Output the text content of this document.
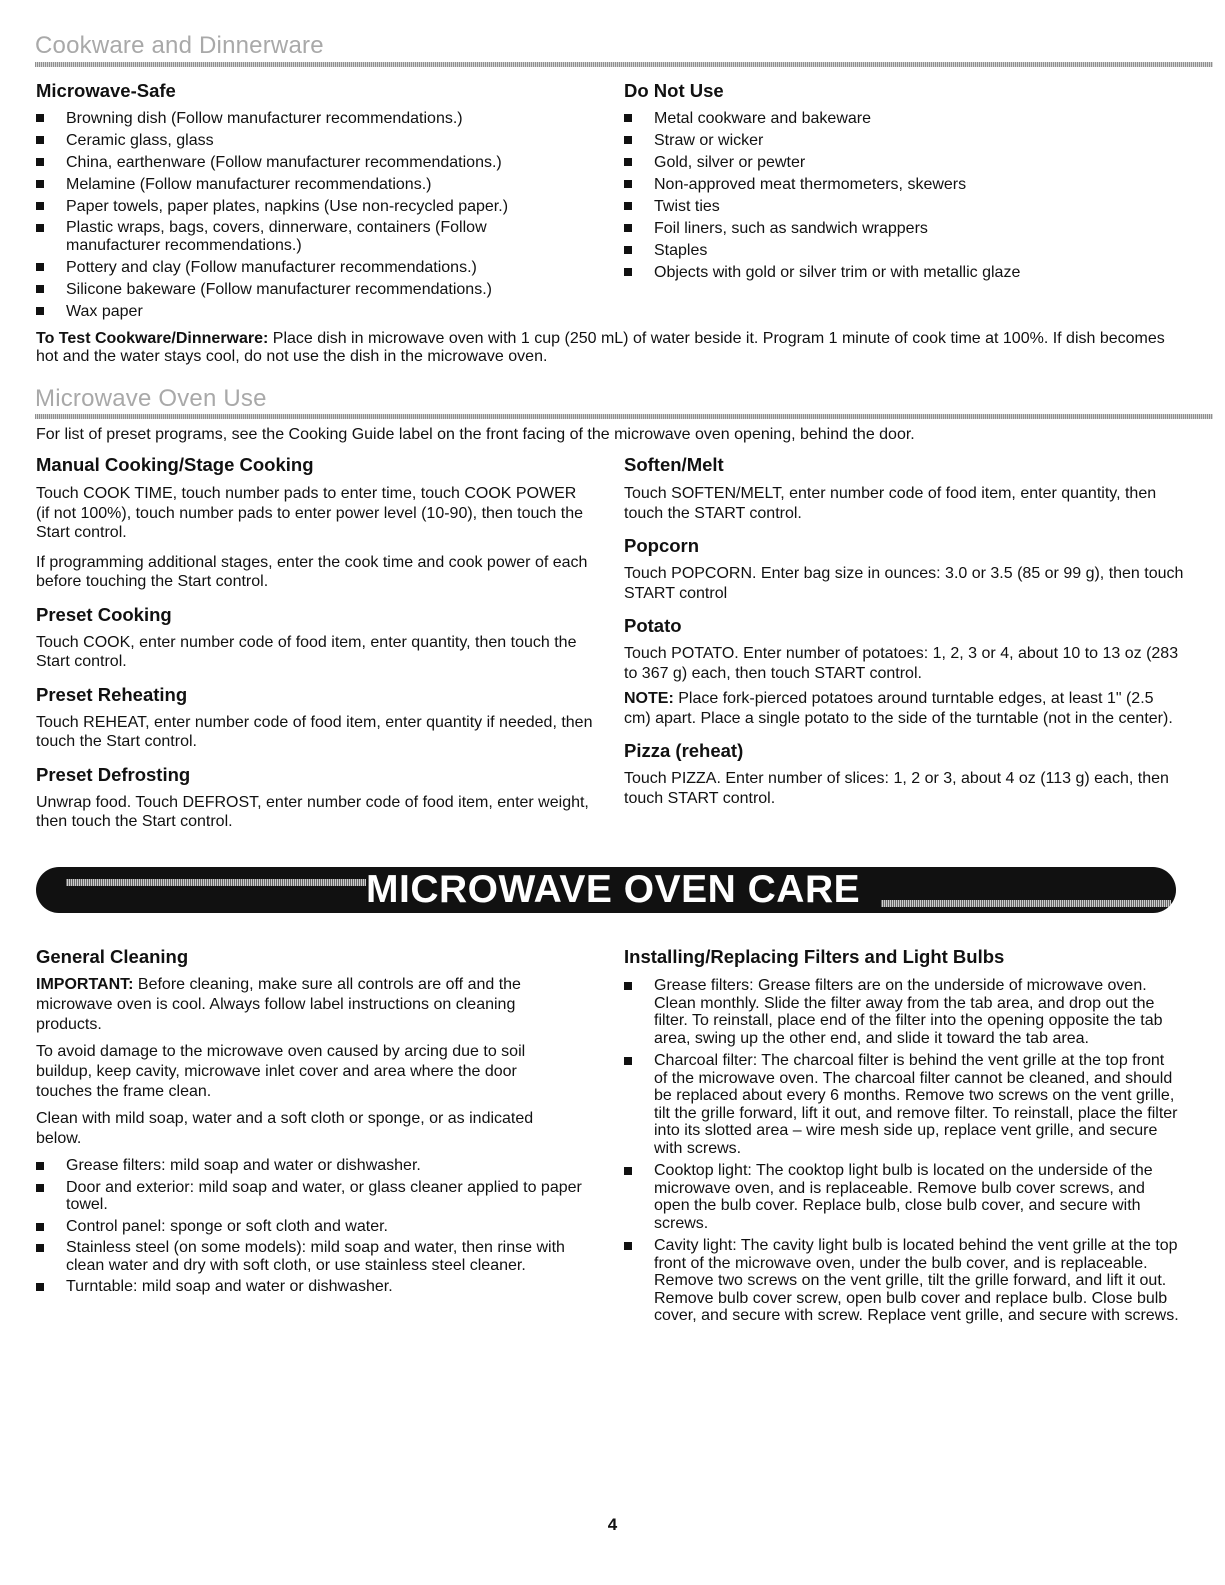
Cookware and Dinnerware
Microwave-Safe
Browning dish (Follow manufacturer recommendations.)
Ceramic glass, glass
China, earthenware (Follow manufacturer recommendations.)
Melamine (Follow manufacturer recommendations.)
Paper towels, paper plates, napkins (Use non-recycled paper.)
Plastic wraps, bags, covers, dinnerware, containers (Follow manufacturer recommendations.)
Pottery and clay (Follow manufacturer recommendations.)
Silicone bakeware (Follow manufacturer recommendations.)
Wax paper
Do Not Use
Metal cookware and bakeware
Straw or wicker
Gold, silver or pewter
Non-approved meat thermometers, skewers
Twist ties
Foil liners, such as sandwich wrappers
Staples
Objects with gold or silver trim or with metallic glaze

To Test Cookware/Dinnerware: Place dish in microwave oven with 1 cup (250 mL) of water beside it. Program 1 minute of cook time at 100%. If dish becomes hot and the water stays cool, do not use the dish in the microwave oven.

Microwave Oven Use

For list of preset programs, see the Cooking Guide label on the front facing of the microwave oven opening, behind the door.

Manual Cooking/Stage Cooking

Touch COOK TIME, touch number pads to enter time, touch COOK POWER (if not 100%), touch number pads to enter power level (10-90), then touch the Start control.

If programming additional stages, enter the cook time and cook power of each before touching the Start control.

Preset Cooking

Touch COOK, enter number code of food item, enter quantity, then touch the Start control.

Preset Reheating

Touch REHEAT, enter number code of food item, enter quantity if needed, then touch the Start control.

Preset Defrosting

Unwrap food. Touch DEFROST, enter number code of food item, enter weight, then touch the Start control.

Soften/Melt

Touch SOFTEN/MELT, enter number code of food item, enter quantity, then touch the START control.

Popcorn

Touch POPCORN. Enter bag size in ounces: 3.0 or 3.5 (85 or 99 g), then touch START control

Potato

Touch POTATO. Enter number of potatoes: 1, 2, 3 or 4, about 10 to 13 oz (283 to 367 g) each, then touch START control.

NOTE: Place fork-pierced potatoes around turntable edges, at least 1" (2.5 cm) apart. Place a single potato to the side of the turntable (not in the center).

Pizza (reheat)

Touch PIZZA. Enter number of slices: 1, 2 or 3, about 4 oz (113 g) each, then touch START control.

MICROWAVE OVEN CARE
General Cleaning

IMPORTANT: Before cleaning, make sure all controls are off and the microwave oven is cool. Always follow label instructions on cleaning products.

To avoid damage to the microwave oven caused by arcing due to soil buildup, keep cavity, microwave inlet cover and area where the door touches the frame clean.

Clean with mild soap, water and a soft cloth or sponge, or as indicated below.

Grease filters: mild soap and water or dishwasher.
Door and exterior: mild soap and water, or glass cleaner applied to paper towel.
Control panel: sponge or soft cloth and water.
Stainless steel (on some models): mild soap and water, then rinse with clean water and dry with soft cloth, or use stainless steel cleaner.
Turntable: mild soap and water or dishwasher.
Installing/Replacing Filters and Light Bulbs
Grease filters: Grease filters are on the underside of microwave oven. Clean monthly. Slide the filter away from the tab area, and drop out the filter. To reinstall, place end of the filter into the opening opposite the tab area, swing up the other end, and slide it toward the tab area.
Charcoal filter: The charcoal filter is behind the vent grille at the top front of the microwave oven. The charcoal filter cannot be cleaned, and should be replaced about every 6 months. Remove two screws on the vent grille, tilt the grille forward, lift it out, and remove filter. To reinstall, place the filter into its slotted area – wire mesh side up, replace vent grille, and secure with screws.
Cooktop light: The cooktop light bulb is located on the underside of the microwave oven, and is replaceable. Remove bulb cover screws, and open the bulb cover. Replace bulb, close bulb cover, and secure with screws.
Cavity light: The cavity light bulb is located behind the vent grille at the top front of the microwave oven, under the bulb cover, and is replaceable. Remove two screws on the vent grille, tilt the grille forward, and lift it out. Remove bulb cover screw, open bulb cover and replace bulb. Close bulb cover, and secure with screw. Replace vent grille, and secure with screws.
4
